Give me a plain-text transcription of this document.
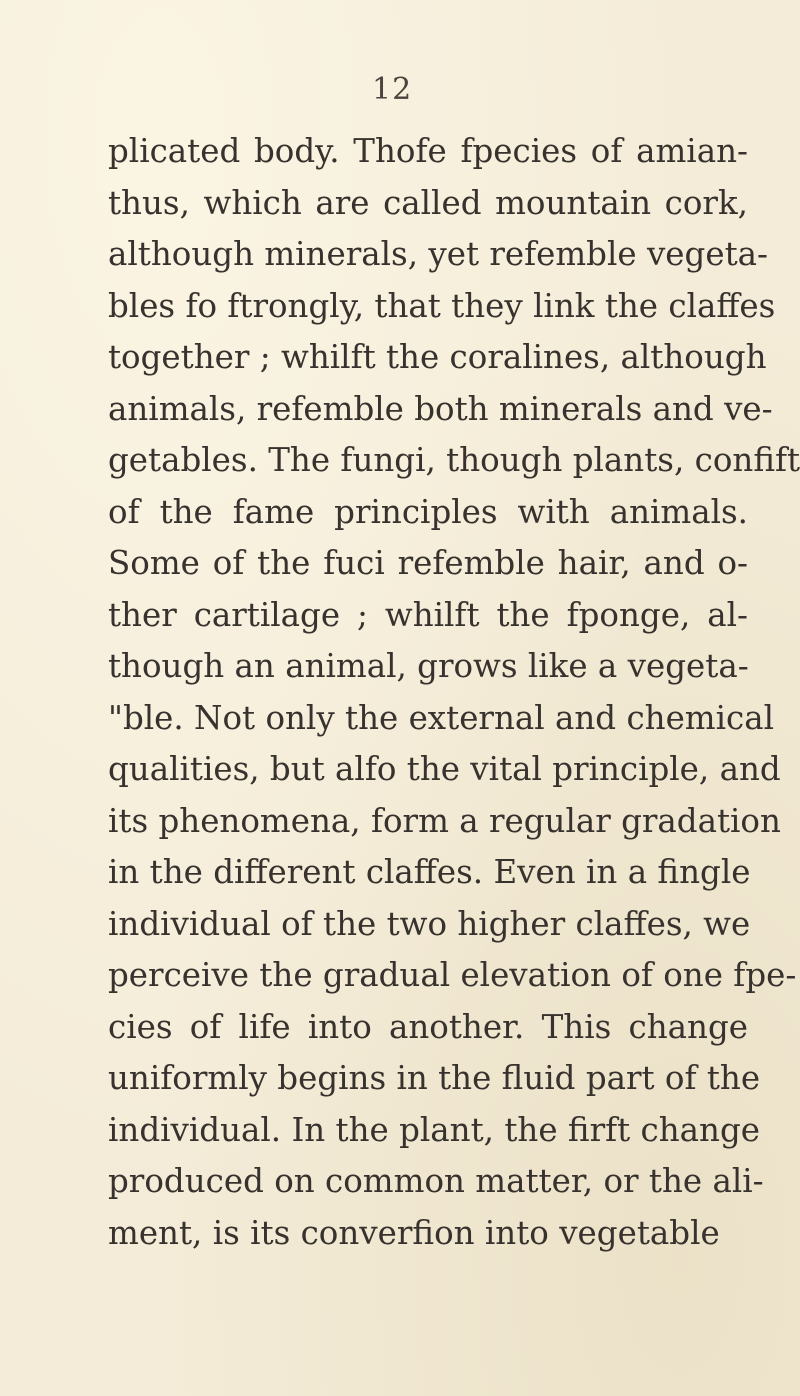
12
plicated body. Thofe fpecies of amian-
thus, which are called mountain cork,
although minerals, yet refemble vegeta-
bles fo ftrongly, that they link the claffes
together ; whilft the coralines, although
animals, refemble both minerals and ve-
getables. The fungi, though plants, confift
of the fame principles with animals.
Some of the fuci refemble hair, and o-
ther cartilage ; whilft the fponge, al-
though an animal, grows like a vegeta-
"ble. Not only the external and chemical
qualities, but alfo the vital principle, and
its phenomena, form a regular gradation
in the different claffes. Even in a fingle
individual of the two higher claffes, we
perceive the gradual elevation of one fpe-
cies of life into another. This change
uniformly begins in the fluid part of the
individual. In the plant, the firft change
produced on common matter, or the ali-
ment, is its converfion into vegetable
